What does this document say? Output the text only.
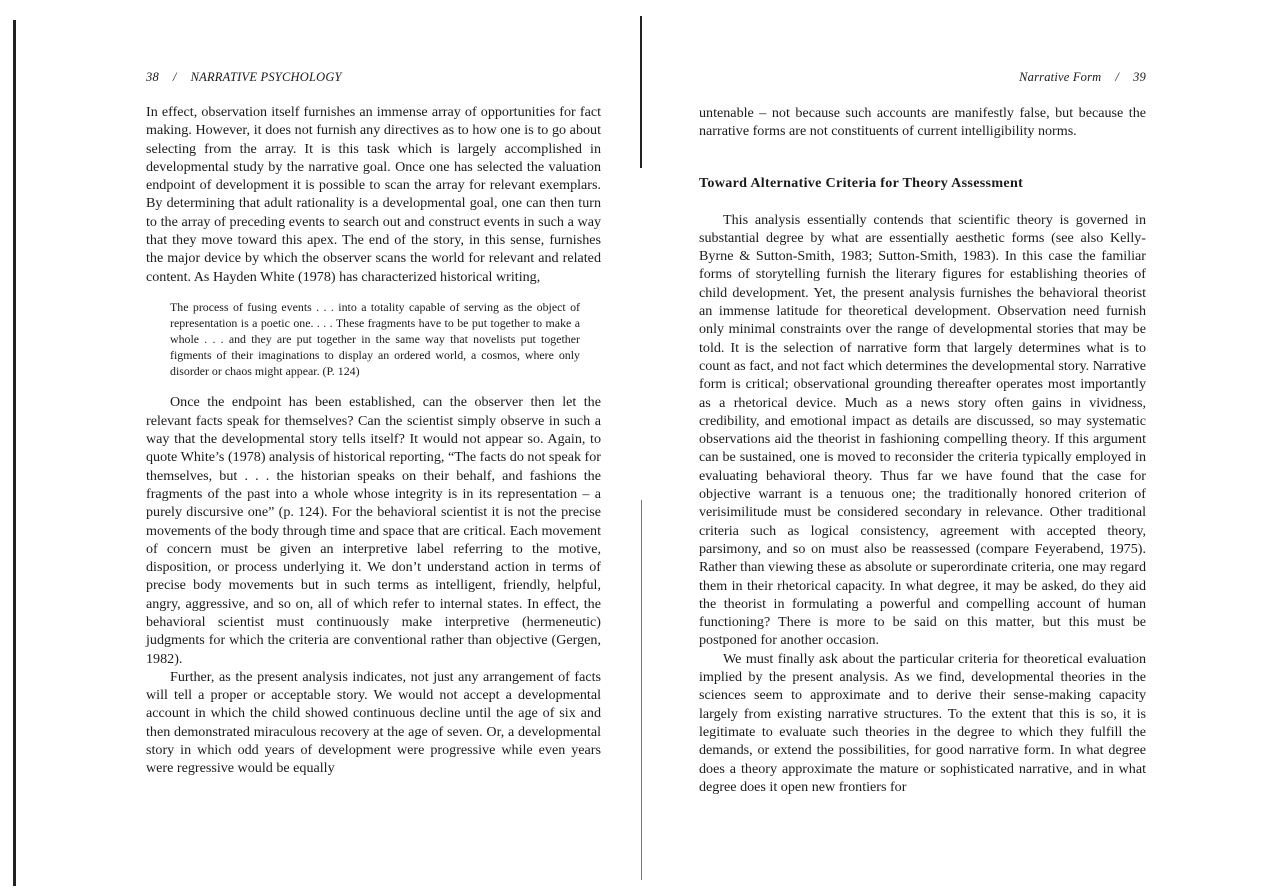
38 / NARRATIVE PSYCHOLOGY

In effect, observation itself furnishes an immense array of opportunities for fact making. However, it does not furnish any directives as to how one is to go about selecting from the array. It is this task which is largely accomplished in developmental study by the narrative goal. Once one has selected the valuation endpoint of development it is possible to scan the array for relevant exemplars. By determining that adult rationality is a developmental goal, one can then turn to the array of preceding events to search out and construct events in such a way that they move toward this apex. The end of the story, in this sense, furnishes the major device by which the observer scans the world for relevant and related content. As Hayden White (1978) has characterized historical writing,

The process of fusing events . . . into a totality capable of serving as the object of representation is a poetic one. . . . These fragments have to be put together to make a whole . . . and they are put together in the same way that novelists put together figments of their imaginations to display an ordered world, a cosmos, where only disorder or chaos might appear. (P. 124)

Once the endpoint has been established, can the observer then let the relevant facts speak for themselves? Can the scientist simply observe in such a way that the developmental story tells itself? It would not appear so. Again, to quote White’s (1978) analysis of historical reporting, “The facts do not speak for themselves, but . . . the historian speaks on their behalf, and fashions the fragments of the past into a whole whose integrity is in its representation – a purely discursive one” (p. 124). For the behavioral scientist it is not the precise movements of the body through time and space that are critical. Each movement of concern must be given an interpretive label referring to the motive, disposition, or process underlying it. We don’t understand action in terms of precise body movements but in such terms as intelligent, friendly, helpful, angry, aggressive, and so on, all of which refer to internal states. In effect, the behavioral scientist must continuously make interpretive (hermeneutic) judgments for which the criteria are conventional rather than objective (Gergen, 1982).

Further, as the present analysis indicates, not just any arrangement of facts will tell a proper or acceptable story. We would not accept a developmental account in which the child showed continuous decline until the age of six and then demonstrated miraculous recovery at the age of seven. Or, a developmental story in which odd years of development were progressive while even years were regressive would be equally

Narrative Form / 39

untenable – not because such accounts are manifestly false, but because the narrative forms are not constituents of current intelligibility norms.

Toward Alternative Criteria for Theory Assessment

This analysis essentially contends that scientific theory is governed in substantial degree by what are essentially aesthetic forms (see also Kelly-Byrne & Sutton-Smith, 1983; Sutton-Smith, 1983). In this case the familiar forms of storytelling furnish the literary figures for establishing theories of child development. Yet, the present analysis furnishes the behavioral theorist an immense latitude for theoretical development. Observation need furnish only minimal constraints over the range of developmental stories that may be told. It is the selection of narrative form that largely determines what is to count as fact, and not fact which determines the developmental story. Narrative form is critical; observational grounding thereafter operates most importantly as a rhetorical device. Much as a news story often gains in vividness, credibility, and emotional impact as details are discussed, so may systematic observations aid the theorist in fashioning compelling theory. If this argument can be sustained, one is moved to reconsider the criteria typically employed in evaluating behavioral theory. Thus far we have found that the case for objective warrant is a tenuous one; the traditionally honored criterion of verisimilitude must be considered secondary in relevance. Other traditional criteria such as logical consistency, agreement with accepted theory, parsimony, and so on must also be reassessed (compare Feyerabend, 1975). Rather than viewing these as absolute or superordinate criteria, one may regard them in their rhetorical capacity. In what degree, it may be asked, do they aid the theorist in formulating a powerful and compelling account of human functioning? There is more to be said on this matter, but this must be postponed for another occasion.

We must finally ask about the particular criteria for theoretical evaluation implied by the present analysis. As we find, developmental theories in the sciences seem to approximate and to derive their sense-making capacity largely from existing narrative structures. To the extent that this is so, it is legitimate to evaluate such theories in the degree to which they fulfill the demands, or extend the possibilities, for good narrative form. In what degree does a theory approximate the mature or sophisticated narrative, and in what degree does it open new frontiers for
